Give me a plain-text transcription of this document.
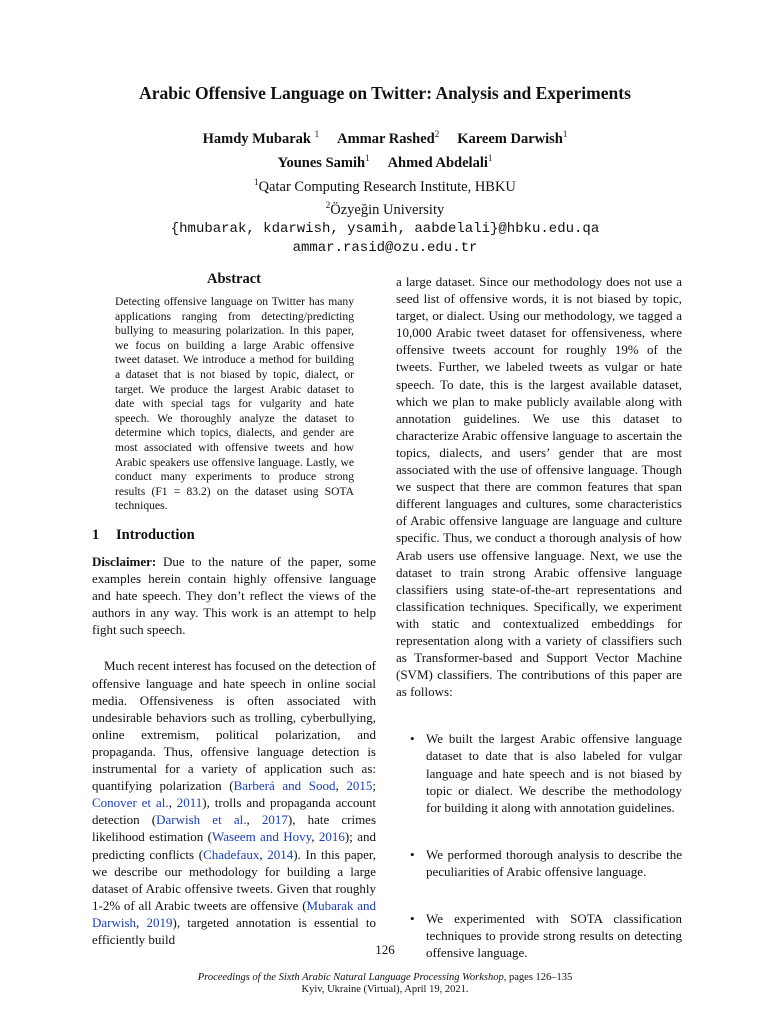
Arabic Offensive Language on Twitter: Analysis and Experiments
Hamdy Mubarak $^1$ Ammar Rashed$^2$ Kareem Darwish$^1$
Younes Samih$^1$ Ahmed Abdelali$^1$
$^1$Qatar Computing Research Institute, HBKU
$^2$Özyeğin University
{hmubarak, kdarwish, ysamih, aabdelali}@hbku.edu.qa
ammar.rasid@ozu.edu.tr
Abstract
Detecting offensive language on Twitter has many applications ranging from detecting/predicting bullying to measuring polarization. In this paper, we focus on building a large Arabic offensive tweet dataset. We introduce a method for building a dataset that is not biased by topic, dialect, or target. We produce the largest Arabic dataset to date with special tags for vulgarity and hate speech. We thoroughly analyze the dataset to determine which topics, dialects, and gender are most associated with offensive tweets and how Arabic speakers use offensive language. Lastly, we conduct many experiments to produce strong results (F1 = 83.2) on the dataset using SOTA techniques.
1 Introduction

Disclaimer: Due to the nature of the paper, some examples herein contain highly offensive language and hate speech. They don’t reflect the views of the authors in any way. This work is an attempt to help fight such speech.

Much recent interest has focused on the detection of offensive language and hate speech in online social media. Offensiveness is often associated with undesirable behaviors such as trolling, cyberbullying, online extremism, political polarization, and propaganda. Thus, offensive language detection is instrumental for a variety of application such as: quantifying polarization (Barberá and Sood, 2015; Conover et al., 2011), trolls and propaganda account detection (Darwish et al., 2017), hate crimes likelihood estimation (Waseem and Hovy, 2016); and predicting conflicts (Chadefaux, 2014). In this paper, we describe our methodology for building a large dataset of Arabic offensive tweets. Given that roughly 1-2% of all Arabic tweets are offensive (Mubarak and Darwish, 2019), targeted annotation is essential to efficiently build

a large dataset. Since our methodology does not use a seed list of offensive words, it is not biased by topic, target, or dialect. Using our methodology, we tagged a 10,000 Arabic tweet dataset for offensiveness, where offensive tweets account for roughly 19% of the tweets. Further, we labeled tweets as vulgar or hate speech. To date, this is the largest available dataset, which we plan to make publicly available along with annotation guidelines. We use this dataset to characterize Arabic offensive language to ascertain the topics, dialects, and users’ gender that are most associated with the use of offensive language. Though we suspect that there are common features that span different languages and cultures, some characteristics of Arabic offensive language are language and culture specific. Thus, we conduct a thorough analysis of how Arab users use offensive language. Next, we use the dataset to train strong Arabic offensive language classifiers using state-of-the-art representations and classification techniques. Specifically, we experiment with static and contextualized embeddings for representation along with a variety of classifiers such as Transformer-based and Support Vector Machine (SVM) classifiers. The contributions of this paper are as follows:

• We built the largest Arabic offensive language dataset to date that is also labeled for vulgar language and hate speech and is not biased by topic or dialect. We describe the methodology for building it along with annotation guidelines.
• We performed thorough analysis to describe the peculiarities of Arabic offensive language.
• We experimented with SOTA classification techniques to provide strong results on detecting offensive language.
126
Proceedings of the Sixth Arabic Natural Language Processing Workshop, pages 126–135
Kyiv, Ukraine (Virtual), April 19, 2021.
